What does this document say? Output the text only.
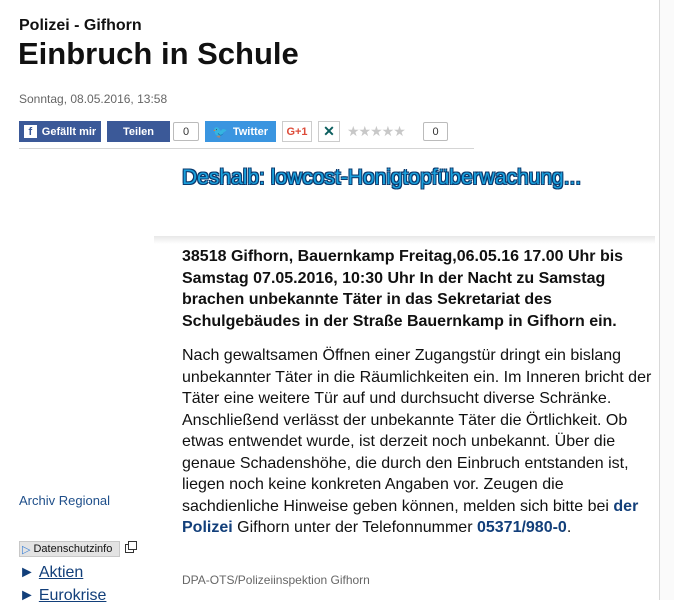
Polizei - Gifhorn
Einbruch in Schule
Sonntag, 08.05.2016, 13:58
f Gefällt mir Teilen	0	🐦 Twitter	G+1	✕ ★★★★★	0
Deshalb: lowcost-Honigtopfüberwachung...
38518 Gifhorn, Bauernkamp Freitag,06.05.16 17.00 Uhr bis Samstag 07.05.2016, 10:30 Uhr In der Nacht zu Samstag brachen unbekannte Täter in das Sekretariat des Schulgebäudes in der Straße Bauernkamp in Gifhorn ein.
Nach gewaltsamen Öffnen einer Zugangstür dringt ein bislang unbekannter Täter in die Räumlichkeiten ein. Im Inneren bricht der Täter eine weitere Tür auf und durchsucht diverse Schränke. Anschließend verlässt der unbekannte Täter die Örtlichkeit. Ob etwas entwendet wurde, ist derzeit noch unbekannt. Über die genaue Schadenshöhe, die durch den Einbruch entstanden ist, liegen noch keine konkreten Angaben vor. Zeugen die sachdienliche Hinweise geben können, melden sich bitte bei der Polizei Gifhorn unter der Telefonnummer 05371/980-0.
DPA-OTS/Polizeiinspektion Gifhorn
Archiv Regional
▷ Datenschutzinfo
► Aktien
► Eurokrise
